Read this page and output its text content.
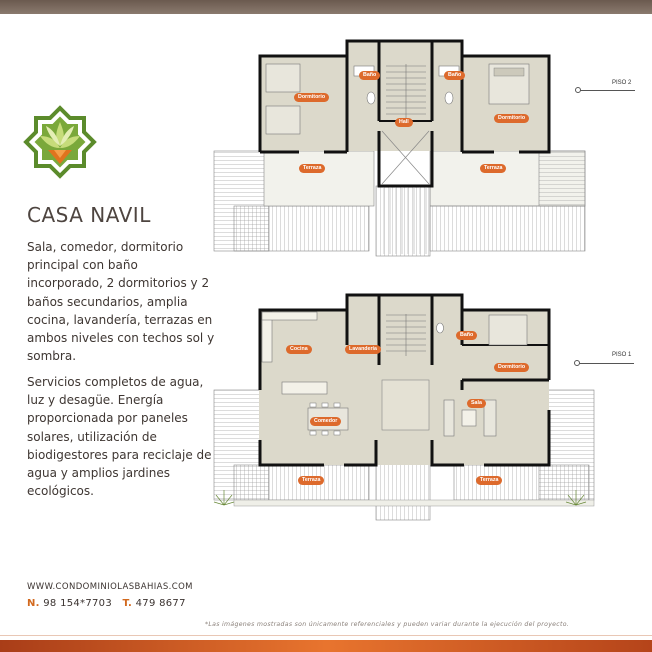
CASA NAVIL

Sala, comedor, dormitorio principal con baño incorporado, 2 dormitorios y 2 baños secundarios, amplia cocina, lavandería, terrazas en ambos niveles con techos sol y sombra.

Servicios completos de agua, luz y desagüe. Energía proporcionada por paneles solares, utilización de biodigestores para reciclaje de agua y amplios jardines ecológicos.

WWW.CONDOMINIOLASBAHIAS.COM
N. 98 154*7703 T. 479 8677
*Las imágenes mostradas son únicamente referenciales y pueden variar durante la ejecución del proyecto.
Dormitorio
Baño	Baño
Hall
Dormitorio
Terraza	Terraza
PISO 2
Cocina	Lavandería
Baño
Dormitorio
Sala
Comedor
Terraza	Terraza
PISO 1
